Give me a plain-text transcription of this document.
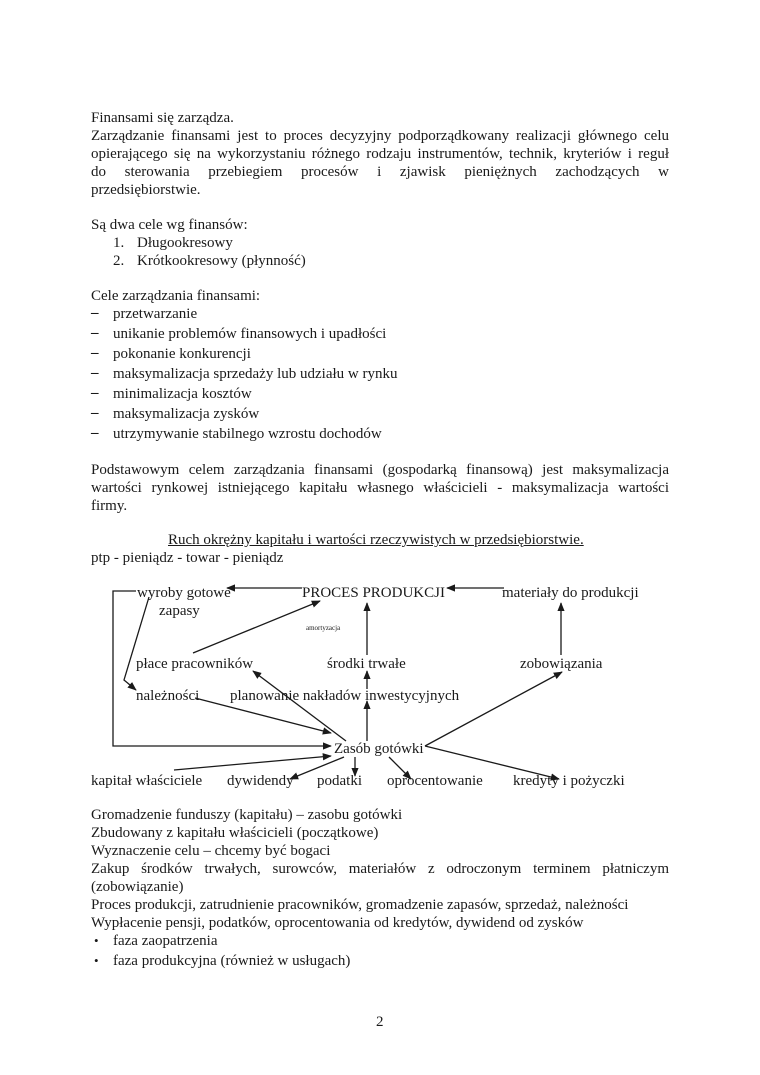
Finansami się zarządza.
Zarządzanie finansami jest to proces decyzyjny podporządkowany realizacji głównego celu
opierającego się na wykorzystaniu różnego rodzaju instrumentów, technik, kryteriów i reguł
do sterowania przebiegiem procesów i zjawisk pieniężnych zachodzących w
przedsiębiorstwie.
Są dwa cele wg finansów:
1. Długookresowy
2. Krótkookresowy (płynność)
Cele zarządzania finansami:
– przetwarzanie
– unikanie problemów finansowych i upadłości
– pokonanie konkurencji
– maksymalizacja sprzedaży lub udziału w rynku
– minimalizacja kosztów
– maksymalizacja zysków
– utrzymywanie stabilnego wzrostu dochodów
Podstawowym celem zarządzania finansami (gospodarką finansową) jest maksymalizacja
wartości rynkowej istniejącego kapitału własnego właścicieli - maksymalizacja wartości
firmy.
Ruch okrężny kapitału i wartości rzeczywistych w przedsiębiorstwie.
ptp - pieniądz - towar - pieniądz
wyroby gotowe
zapasy
PROCES PRODUKCJI	materiały do produkcji
amortyzacja
płace pracowników	środki trwałe	zobowiązania
należności planowanie nakładów inwestycyjnych
Zasób gotówki
kapitał właściciele dywidendy podatki oprocentowanie kredyty i pożyczki
Gromadzenie funduszy (kapitału) – zasobu gotówki
Zbudowany z kapitału właścicieli (początkowe)
Wyznaczenie celu – chcemy być bogaci
Zakup środków trwałych, surowców, materiałów z odroczonym terminem płatniczym
(zobowiązanie)
Proces produkcji, zatrudnienie pracowników, gromadzenie zapasów, sprzedaż, należności
Wypłacenie pensji, podatków, oprocentowania od kredytów, dywidend od zysków
• faza zaopatrzenia
• faza produkcyjna (również w usługach)
2
